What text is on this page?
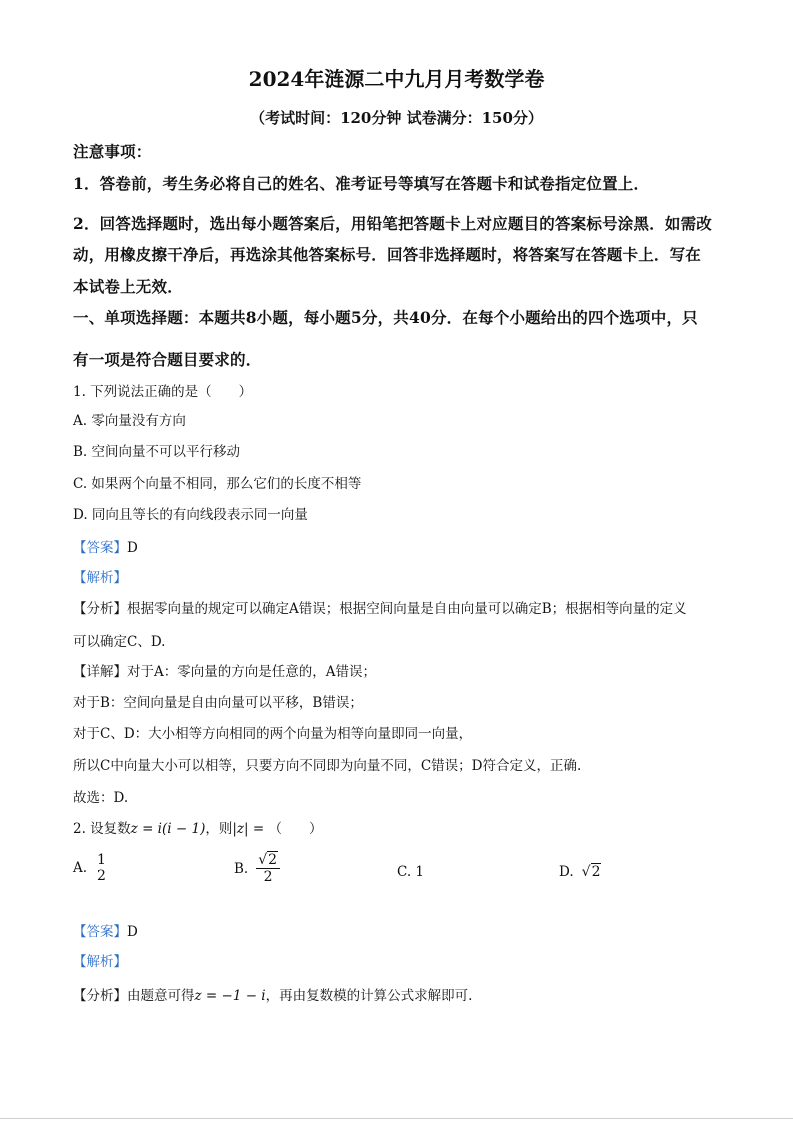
2024年涟源二中九月月考数学卷
（考试时间：120分钟 试卷满分：150分）
注意事项：
1．答卷前，考生务必将自己的姓名、准考证号等填写在答题卡和试卷指定位置上．
2．回答选择题时，选出每小题答案后，用铅笔把答题卡上对应题目的答案标号涂黑．如需改
动，用橡皮擦干净后，再选涂其他答案标号．回答非选择题时，将答案写在答题卡上．写在
本试卷上无效．
一、单项选择题：本题共8小题，每小题5分，共40分．在每个小题给出的四个选项中，只
有一项是符合题目要求的．
1. 下列说法正确的是（　　）
A. 零向量没有方向
B. 空间向量不可以平行移动
C. 如果两个向量不相同，那么它们的长度不相等
D. 同向且等长的有向线段表示同一向量
【答案】D
【解析】
【分析】根据零向量的规定可以确定A错误；根据空间向量是自由向量可以确定B；根据相等向量的定义
可以确定C、D.
【详解】对于A：零向量的方向是任意的，A错误；
对于B：空间向量是自由向量可以平移，B错误；
对于C、D：大小相等方向相同的两个向量为相等向量即同一向量，
所以C中向量大小可以相等，只要方向不同即为向量不同，C错误；D符合定义，正确.
故选：D.
2. 设复数z = i(i − 1)，则|z| = （　　）
A.
1
2	B. $\frac{√2}{2}$	C. 1	D. √2
【答案】D
【解析】
【分析】由题意可得z = −1 − i，再由复数模的计算公式求解即可.
